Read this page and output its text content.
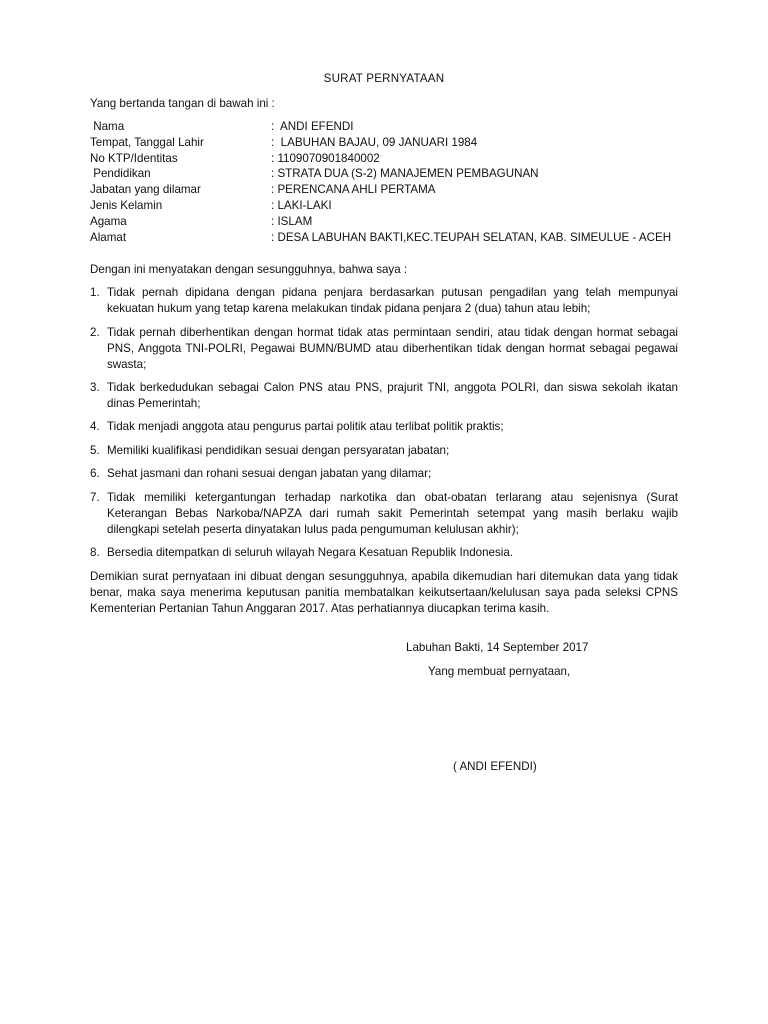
SURAT PERNYATAAN
Yang bertanda tangan di bawah ini :
Nama	:  ANDI EFENDI
Tempat, Tanggal Lahir	:  LABUHAN BAJAU, 09 JANUARI 1984
No KTP/Identitas	: 1109070901840002
Pendidikan	: STRATA DUA (S-2) MANAJEMEN PEMBAGUNAN
Jabatan yang dilamar	: PERENCANA AHLI PERTAMA
Jenis Kelamin	: LAKI-LAKI
Agama	: ISLAM
Alamat	: DESA LABUHAN BAKTI,KEC.TEUPAH SELATAN, KAB. SIMEULUE - ACEH
Dengan ini menyatakan dengan sesungguhnya, bahwa saya :
1. Tidak pernah dipidana dengan pidana penjara berdasarkan putusan pengadilan yang telah mempunyai kekuatan hukum yang tetap karena melakukan tindak pidana penjara 2 (dua) tahun atau lebih;
2. Tidak pernah diberhentikan dengan hormat tidak atas permintaan sendiri, atau tidak dengan hormat sebagai PNS, Anggota TNI-POLRI, Pegawai BUMN/BUMD atau diberhentikan tidak dengan hormat sebagai pegawai swasta;
3. Tidak berkedudukan sebagai Calon PNS atau PNS, prajurit TNI, anggota POLRI, dan siswa sekolah ikatan dinas Pemerintah;
4. Tidak menjadi anggota atau pengurus partai politik atau terlibat politik praktis;
5. Memiliki kualifikasi pendidikan sesuai dengan persyaratan jabatan;
6. Sehat jasmani dan rohani sesuai dengan jabatan yang dilamar;
7. Tidak memiliki ketergantungan terhadap narkotika dan obat-obatan terlarang atau sejenisnya (Surat Keterangan Bebas Narkoba/NAPZA dari rumah sakit Pemerintah setempat yang masih berlaku wajib dilengkapi setelah peserta dinyatakan lulus pada pengumuman kelulusan akhir);
8. Bersedia ditempatkan di seluruh wilayah Negara Kesatuan Republik Indonesia.
Demikian surat pernyataan ini dibuat dengan sesungguhnya, apabila dikemudian hari ditemukan data yang tidak benar, maka saya menerima keputusan panitia membatalkan keikutsertaan/kelulusan saya pada seleksi CPNS Kementerian Pertanian Tahun Anggaran 2017. Atas perhatiannya diucapkan terima kasih.
Labuhan Bakti, 14 September 2017
Yang membuat pernyataan,
( ANDI EFENDI)
